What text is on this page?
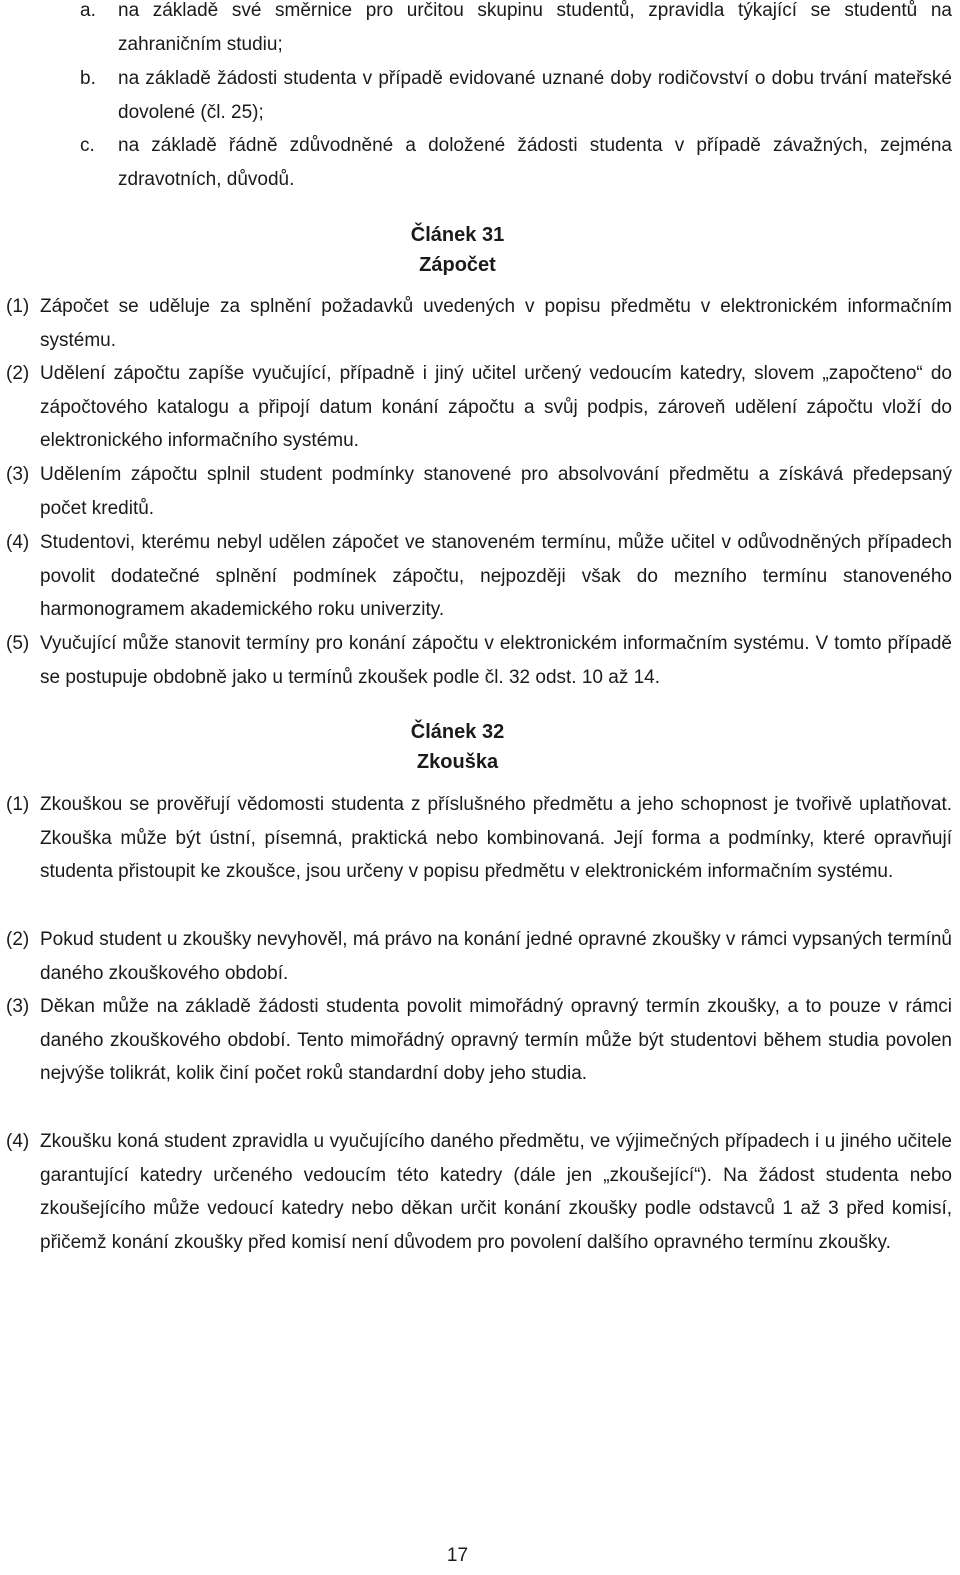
a. na základě své směrnice pro určitou skupinu studentů, zpravidla týkající se studentů na zahraničním studiu;
b. na základě žádosti studenta v případě evidované uznané doby rodičovství o dobu trvání mateřské dovolené (čl. 25);
c. na základě řádně zdůvodněné a doložené žádosti studenta v případě závažných, zejména zdravotních, důvodů.
Článek 31
Zápočet
(1) Zápočet se uděluje za splnění požadavků uvedených v popisu předmětu v elektronickém informačním systému.
(2) Udělení zápočtu zapíše vyučující, případně i jiný učitel určený vedoucím katedry, slovem „započteno“ do zápočtového katalogu a připojí datum konání zápočtu a svůj podpis, zároveň udělení zápočtu vloží do elektronického informačního systému.
(3) Udělením zápočtu splnil student podmínky stanovené pro absolvování předmětu a získává předepsaný počet kreditů.
(4) Studentovi, kterému nebyl udělen zápočet ve stanoveném termínu, může učitel v odůvodněných případech povolit dodatečné splnění podmínek zápočtu, nejpozději však do mezního termínu stanoveného harmonogramem akademického roku univerzity.
(5) Vyučující může stanovit termíny pro konání zápočtu v elektronickém informačním systému. V tomto případě se postupuje obdobně jako u termínů zkoušek podle čl. 32 odst. 10 až 14.
Článek 32
Zkouška
(1) Zkouškou se prověřují vědomosti studenta z příslušného předmětu a jeho schopnost je tvořivě uplatňovat. Zkouška může být ústní, písemná, praktická nebo kombinovaná. Její forma a podmínky, které opravňují studenta přistoupit ke zkoušce, jsou určeny v popisu předmětu v elektronickém informačním systému.
(2) Pokud student u zkoušky nevyhověl, má právo na konání jedné opravné zkoušky v rámci vypsaných termínů daného zkouškového období.
(3) Děkan může na základě žádosti studenta povolit mimořádný opravný termín zkoušky, a to pouze v rámci daného zkouškového období. Tento mimořádný opravný termín může být studentovi během studia povolen nejvýše tolikrát, kolik činí počet roků standardní doby jeho studia.
(4) Zkoušku koná student zpravidla u vyučujícího daného předmětu, ve výjimečných případech i u jiného učitele garantující katedry určeného vedoucím této katedry (dále jen „zkoušející“). Na žádost studenta nebo zkoušejícího může vedoucí katedry nebo děkan určit konání zkoušky podle odstavců 1 až 3 před komisí, přičemž konání zkoušky před komisí není důvodem pro povolení dalšího opravného termínu zkoušky.
17
